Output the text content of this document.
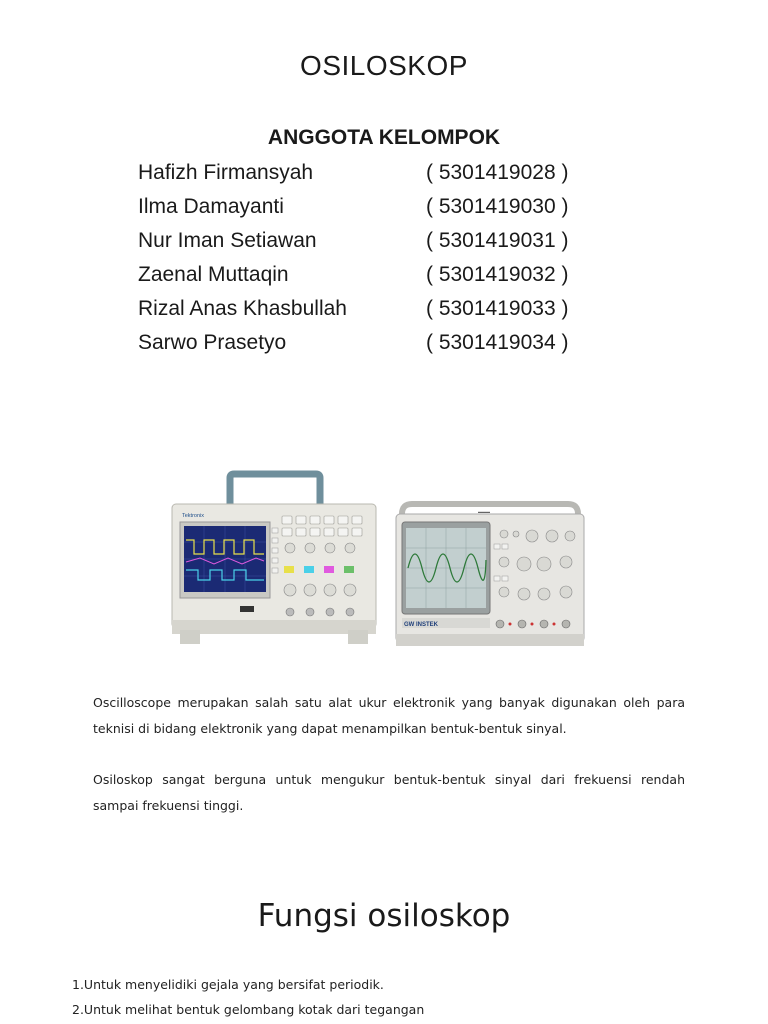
OSILOSKOP
ANGGOTA KELOMPOK
Hafizh Firmansyah	( 5301419028 )
Ilma Damayanti	( 5301419030 )
Nur Iman Setiawan	( 5301419031 )
Zaenal Muttaqin	( 5301419032 )
Rizal Anas Khasbullah	( 5301419033 )
Sarwo Prasetyo	( 5301419034 )
Tektronix
▬▬▬
GW INSTEK
Oscilloscope merupakan salah satu alat ukur elektronik yang banyak digunakan oleh para teknisi di bidang elektronik yang dapat menampilkan bentuk-bentuk sinyal.
Osiloskop sangat berguna untuk mengukur bentuk-bentuk sinyal dari frekuensi rendah sampai frekuensi tinggi.
Fungsi osiloskop
1.Untuk menyelidiki gejala yang bersifat periodik.
2.Untuk melihat bentuk gelombang kotak dari tegangan
